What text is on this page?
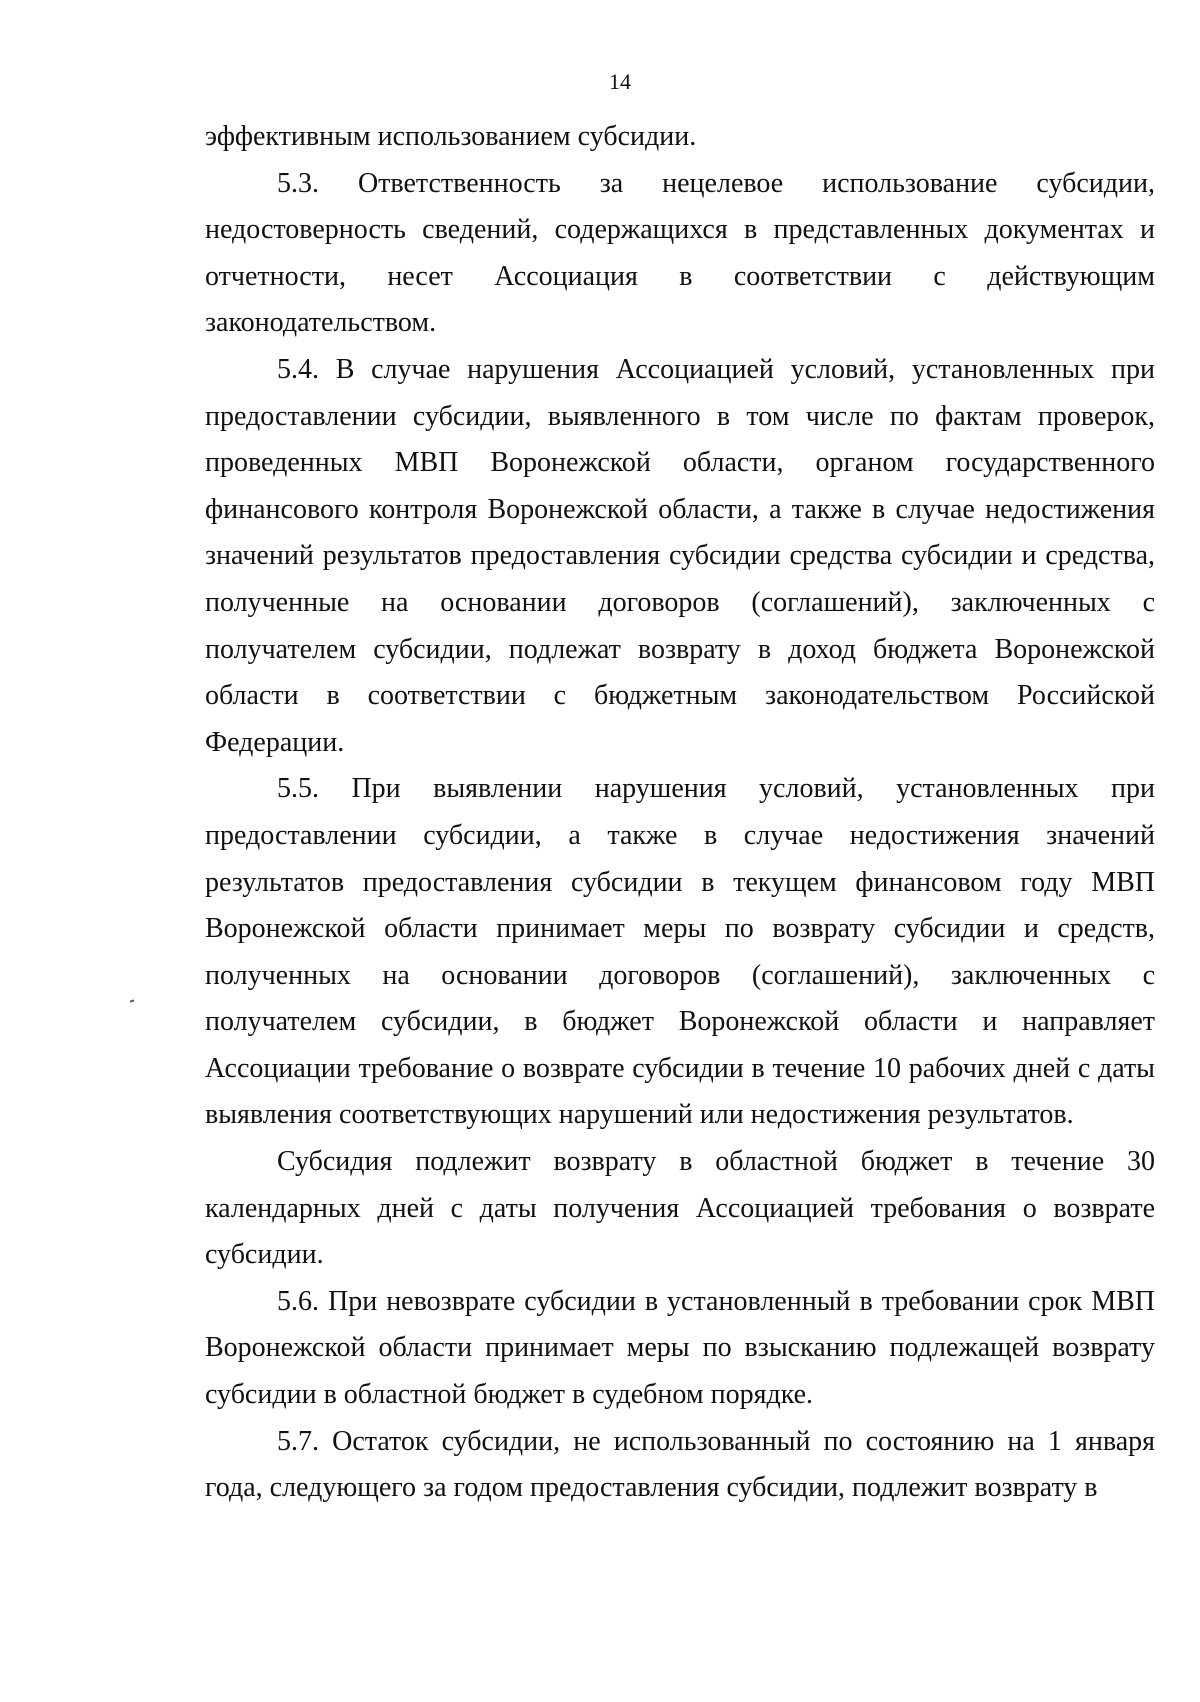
14

эффективным использованием субсидии.

5.3. Ответственность за нецелевое использование субсидии, недостоверность сведений, содержащихся в представленных документах и отчетности, несет Ассоциация в соответствии с действующим законодательством.

5.4. В случае нарушения Ассоциацией условий, установленных при предоставлении субсидии, выявленного в том числе по фактам проверок, проведенных МВП Воронежской области, органом государственного финансового контроля Воронежской области, а также в случае недостижения значений результатов предоставления субсидии средства субсидии и средства, полученные на основании договоров (соглашений), заключенных с получателем субсидии, подлежат возврату в доход бюджета Воронежской области в соответствии с бюджетным законодательством Российской Федерации.

5.5. При выявлении нарушения условий, установленных при предоставлении субсидии, а также в случае недостижения значений результатов предоставления субсидии в текущем финансовом году МВП Воронежской области принимает меры по возврату субсидии и средств, полученных на основании договоров (соглашений), заключенных с получателем субсидии, в бюджет Воронежской области и направляет Ассоциации требование о возврате субсидии в течение 10 рабочих дней с даты выявления соответствующих нарушений или недостижения результатов.

Субсидия подлежит возврату в областной бюджет в течение 30 календарных дней с даты получения Ассоциацией требования о возврате субсидии.

5.6. При невозврате субсидии в установленный в требовании срок МВП Воронежской области принимает меры по взысканию подлежащей возврату субсидии в областной бюджет в судебном порядке.

5.7. Остаток субсидии, не использованный по состоянию на 1 января года, следующего за годом предоставления субсидии, подлежит возврату в
